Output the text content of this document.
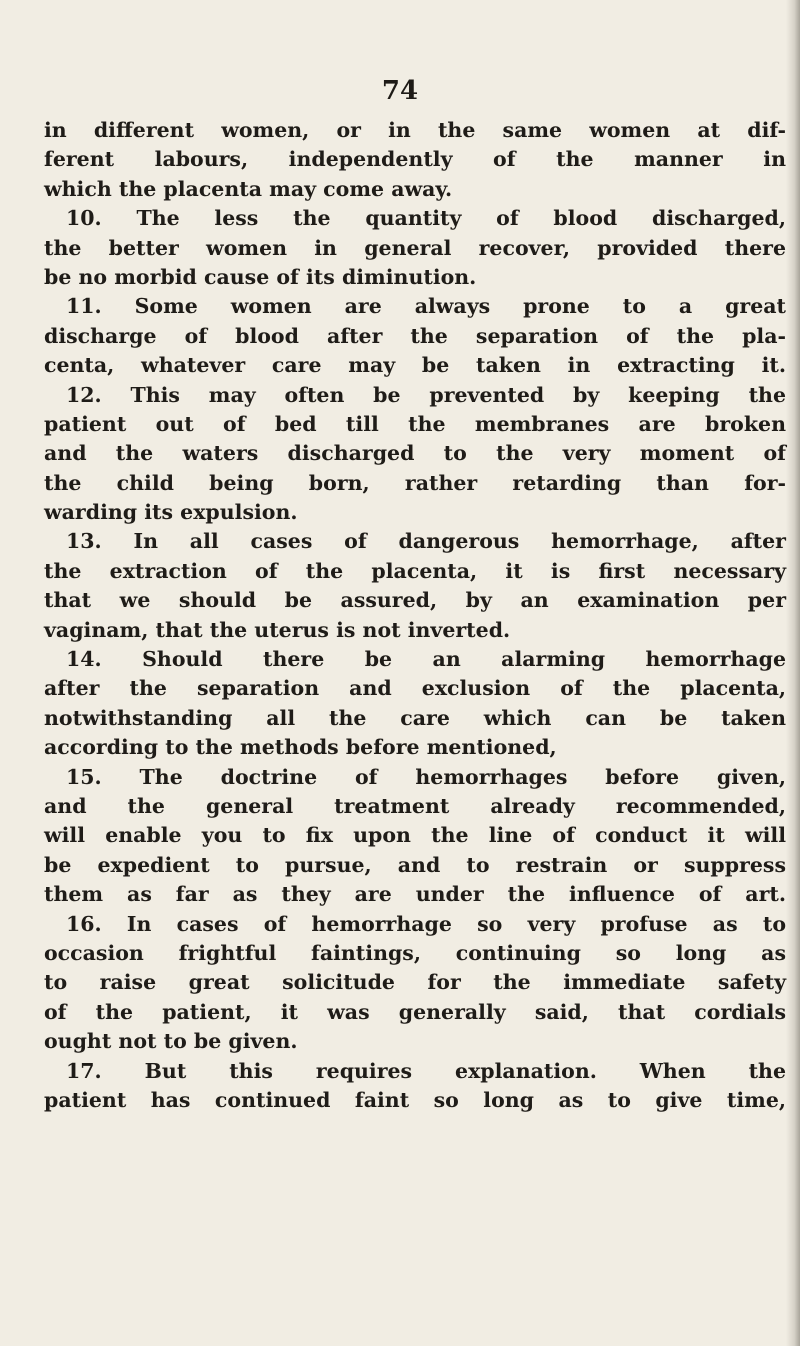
74
in different women, or in the same women at dif-
ferent labours, independently of the manner in
which the placenta may come away.
10. The less the quantity of blood discharged,
the better women in general recover, provided there
be no morbid cause of its diminution.
11. Some women are always prone to a great
discharge of blood after the separation of the pla-
centa, whatever care may be taken in extracting it.
12. This may often be prevented by keeping the
patient out of bed till the membranes are broken
and the waters discharged to the very moment of
the child being born, rather retarding than for-
warding its expulsion.
13. In all cases of dangerous hemorrhage, after
the extraction of the placenta, it is first necessary
that we should be assured, by an examination per
vaginam, that the uterus is not inverted.
14. Should there be an alarming hemorrhage
after the separation and exclusion of the placenta,
notwithstanding all the care which can be taken
according to the methods before mentioned,
15. The doctrine of hemorrhages before given,
and the general treatment already recommended,
will enable you to fix upon the line of conduct it will
be expedient to pursue, and to restrain or suppress
them as far as they are under the influence of art.
16. In cases of hemorrhage so very profuse as to
occasion frightful faintings, continuing so long as
to raise great solicitude for the immediate safety
of the patient, it was generally said, that cordials
ought not to be given.
17. But this requires explanation. When the
patient has continued faint so long as to give time,
